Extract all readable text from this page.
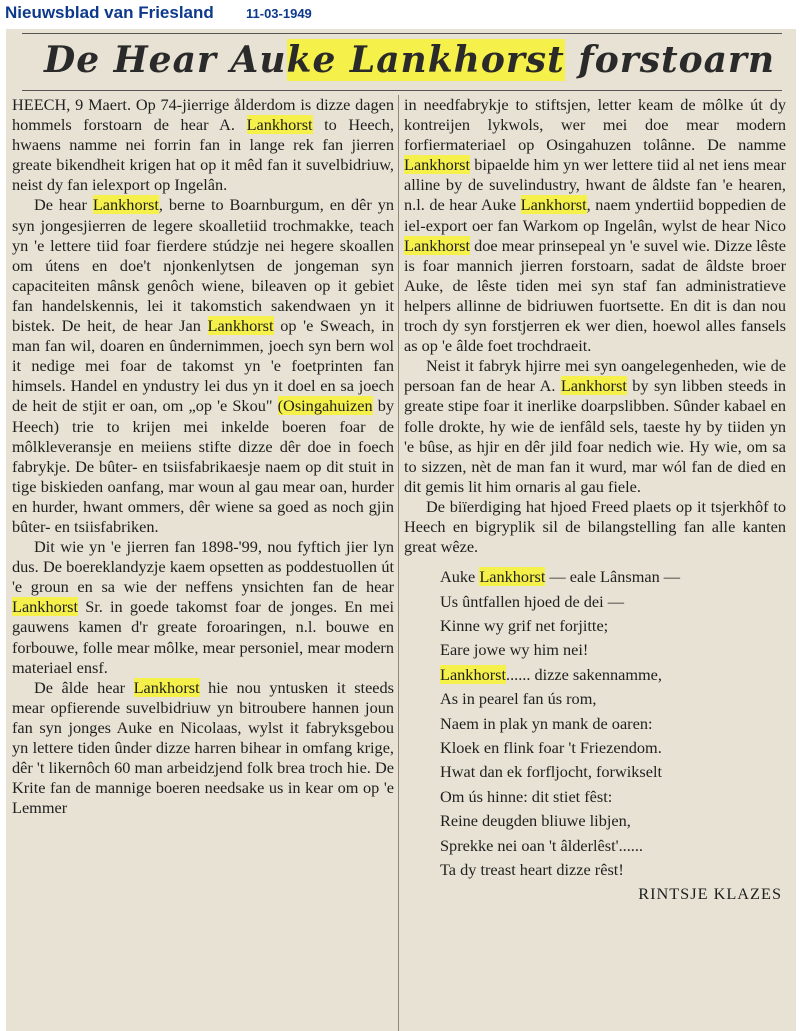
Nieuwsblad van Friesland 11-03-1949
De Hear Auke Lankhorst forstoarn

HEECH, 9 Maert. Op 74-jierrige ålderdom is dizze dagen hommels forstoarn de hear A. Lankhorst to Heech, hwaens namme nei forrin fan in lange rek fan jierren greate bikendheit krigen hat op it mêd fan it suvelbidriuw, neist dy fan ielexport op Ingelân.

De hear Lankhorst, berne to Boarnburgum, en dêr yn syn jongesjierren de legere skoalletiid trochmakke, teach yn 'e lettere tiid foar fierdere stúdzje nei hegere skoallen om útens en doe't njonkenlytsen de jongeman syn capaciteiten mânsk genôch wiene, bileaven op it gebiet fan handelskennis, lei it takomstich sakendwaen yn it bistek. De heit, de hear Jan Lankhorst op 'e Sweach, in man fan wil, doaren en ûndernimmen, joech syn bern wol it nedige mei foar de takomst yn 'e foetprinten fan himsels. Handel en yndustry lei dus yn it doel en sa joech de heit de stjit er oan, om „op 'e Skou" (Osingahuizen by Heech) trie to krijen mei inkelde boeren foar de môlkleveransje en meiiens stifte dizze dêr doe in foech fabrykje. De bûter- en tsiisfabrikaesje naem op dit stuit in tige biskieden oanfang, mar woun al gau mear oan, hurder en hurder, hwant ommers, dêr wiene sa goed as noch gjin bûter- en tsiisfabriken.

Dit wie yn 'e jierren fan 1898-'99, nou fyftich jier lyn dus. De boereklandyzje kaem opsetten as poddestuollen út 'e groun en sa wie der neffens ynsichten fan de hear Lankhorst Sr. in goede takomst foar de jonges. En mei gauwens kamen d'r greate foroaringen, n.l. bouwe en forbouwe, folle mear môlke, mear personiel, mear modern materiael ensf.

De âlde hear Lankhorst hie nou yntusken it steeds mear opfierende suvelbidriuw yn bitroubere hannen joun fan syn jonges Auke en Nicolaas, wylst it fabryksgebou yn lettere tiden ûnder dizze harren bihear in omfang krige, dêr 't likernôch 60 man arbeidzjend folk brea troch hie. De Krite fan de mannige boeren needsake us in kear om op 'e Lemmer

in needfabrykje to stiftsjen, letter keam de môlke út dy kontreijen lykwols, wer mei doe mear modern forfiermateriael op Osingahuzen tolânne. De namme Lankhorst bipaelde him yn wer lettere tiid al net iens mear alline by de suvelindustry, hwant de âldste fan 'e hearen, n.l. de hear Auke Lankhorst, naem yndertiid boppedien de iel-export oer fan Warkom op Ingelân, wylst de hear Nico Lankhorst doe mear prinsepeal yn 'e suvel wie. Dizze lêste is foar mannich jierren forstoarn, sadat de âldste broer Auke, de lêste tiden mei syn staf fan administratieve helpers allinne de bidriuwen fuortsette. En dit is dan nou troch dy syn forstjerren ek wer dien, hoewol alles fansels as op 'e âlde foet trochdraeit.

Neist it fabryk hjirre mei syn oangelegenheden, wie de persoan fan de hear A. Lankhorst by syn libben steeds in greate stipe foar it inerlike doarpslibben. Sûnder kabael en folle drokte, hy wie de ienfâld sels, taeste hy by tiiden yn 'e bûse, as hjir en dêr jild foar nedich wie. Hy wie, om sa to sizzen, nèt de man fan it wurd, mar wól fan de died en dit gemis lit him ornaris al gau fiele.

De biïerdiging hat hjoed Freed plaets op it tsjerkhôf to Heech en bigryplik sil de bilangstelling fan alle kanten great wêze.

Auke Lankhorst — eale Lânsman —
Us ûntfallen hjoed de dei —
Kinne wy grif net forjitte;
Eare jowe wy him nei!
Lankhorst...... dizze sakennamme,
As in pearel fan ús rom,
Naem in plak yn mank de oaren:
Kloek en flink foar 't Friezendom.
Hwat dan ek forfljocht, forwikselt
Om ús hinne: dit stiet fêst:
Reine deugden bliuwe libjen,
Sprekke nei oan 't âlderlêst'......
Ta dy treast heart dizze rêst!
RINTSJE KLAZES
